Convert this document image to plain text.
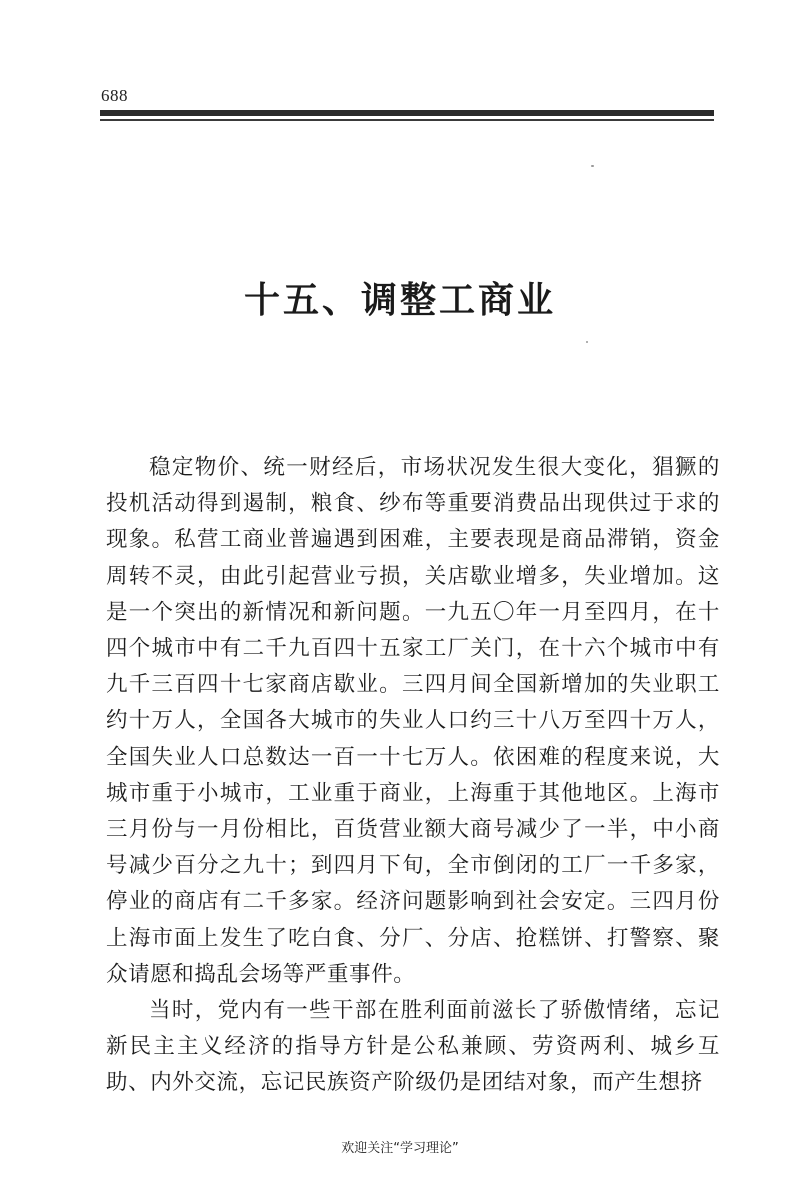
688
十五、调整工商业

稳定物价、统一财经后，市场状况发生很大变化，猖獗的投机活动得到遏制，粮食、纱布等重要消费品出现供过于求的现象。私营工商业普遍遇到困难，主要表现是商品滞销，资金周转不灵，由此引起营业亏损，关店歇业增多，失业增加。这是一个突出的新情况和新问题。一九五〇年一月至四月，在十四个城市中有二千九百四十五家工厂关门，在十六个城市中有九千三百四十七家商店歇业。三四月间全国新增加的失业职工约十万人，全国各大城市的失业人口约三十八万至四十万人，全国失业人口总数达一百一十七万人。依困难的程度来说，大城市重于小城市，工业重于商业，上海重于其他地区。上海市三月份与一月份相比，百货营业额大商号减少了一半，中小商号减少百分之九十；到四月下旬，全市倒闭的工厂一千多家，停业的商店有二千多家。经济问题影响到社会安定。三四月份上海市面上发生了吃白食、分厂、分店、抢糕饼、打警察、聚众请愿和捣乱会场等严重事件。

当时，党内有一些干部在胜利面前滋长了骄傲情绪，忘记新民主主义经济的指导方针是公私兼顾、劳资两利、城乡互助、内外交流，忘记民族资产阶级仍是团结对象，而产生想挤

欢迎关注“学习理论”
